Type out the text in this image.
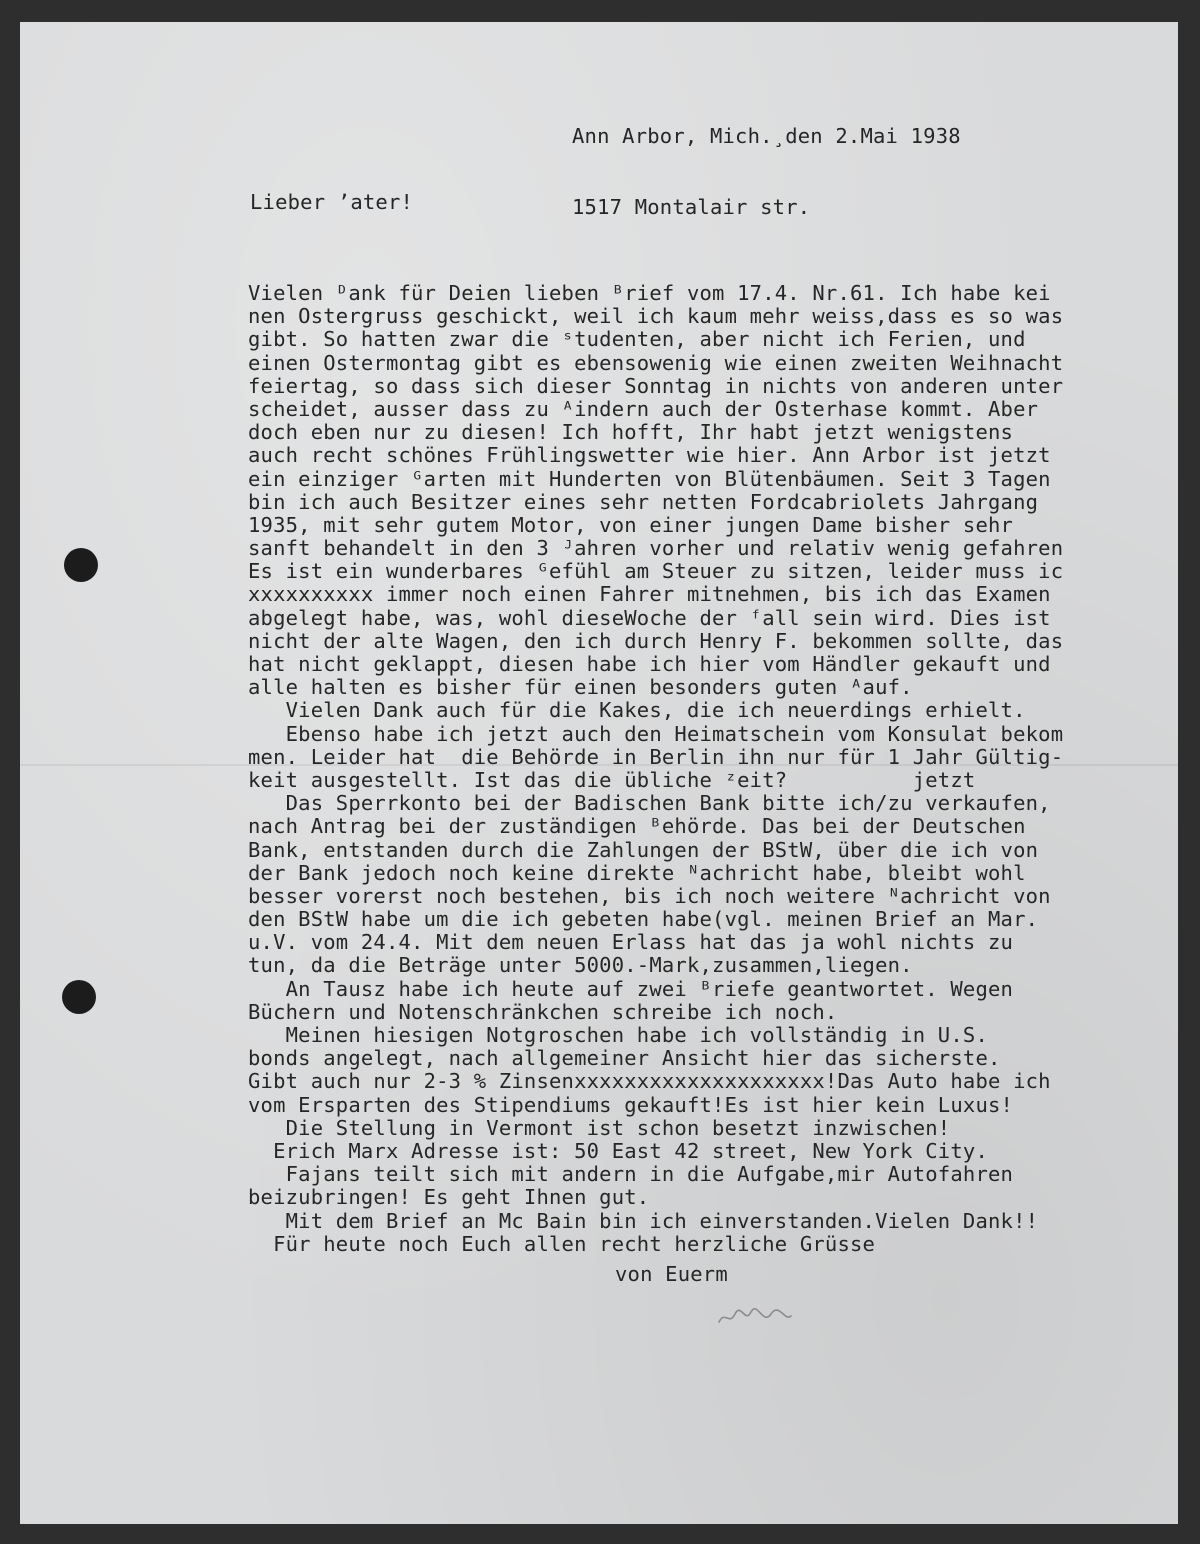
Ann Arbor, Mich.̧ den 2.Mai 1938

1517 Montalair str.

Lieber ʼater!
Vielen ᴰank für Deien lieben ᴮrief vom 17.4. Nr.61. Ich habe kei
nen Ostergruss geschickt, weil ich kaum mehr weiss,dass es so was
gibt. So hatten zwar die ˢtudenten, aber nicht ich Ferien, und
einen Ostermontag gibt es ebensowenig wie einen zweiten Weihnacht
feiertag, so dass sich dieser Sonntag in nichts von anderen unter
scheidet, ausser dass zu ᴬindern auch der Osterhase kommt. Aber
doch eben nur zu diesen! Ich hofft, Ihr habt jetzt wenigstens
auch recht schönes Frühlingswetter wie hier. Ann Arbor ist jetzt
ein einziger ᴳarten mit Hunderten von Blütenbäumen. Seit 3 Tagen
bin ich auch Besitzer eines sehr netten Fordcabriolets Jahrgang
1935, mit sehr gutem Motor, von einer jungen Dame bisher sehr
sanft behandelt in den 3 ᴶahren vorher und relativ wenig gefahren
Es ist ein wunderbares ᴳefühl am Steuer zu sitzen, leider muss ic
xxxxxxxxxx immer noch einen Fahrer mitnehmen, bis ich das Examen
abgelegt habe, was, wohl dieseWoche der ᶠall sein wird. Dies ist
nicht der alte Wagen, den ich durch Henry F. bekommen sollte, das
hat nicht geklappt, diesen habe ich hier vom Händler gekauft und
alle halten es bisher für einen besonders guten ᴬauf.
Vielen Dank auch für die Kakes, die ich neuerdings erhielt.
Ebenso habe ich jetzt auch den Heimatschein vom Konsulat bekom
men. Leider hat  die Behörde in Berlin ihn nur für 1 Jahr Gültig-
keit ausgestellt. Ist das die übliche ᶻeit?          jetzt
Das Sperrkonto bei der Badischen Bank bitte ich/zu verkaufen,
nach Antrag bei der zuständigen ᴮehörde. Das bei der Deutschen
Bank, entstanden durch die Zahlungen der BStW, über die ich von
der Bank jedoch noch keine direkte ᴺachricht habe, bleibt wohl
besser vorerst noch bestehen, bis ich noch weitere ᴺachricht von
den BStW habe um die ich gebeten habe(vgl. meinen Brief an Mar.
u.V. vom 24.4. Mit dem neuen Erlass hat das ja wohl nichts zu
tun, da die Beträge unter 5000.-Mark,zusammen,liegen.
An Tausz habe ich heute auf zwei ᴮriefe geantwortet. Wegen
Büchern und Notenschränkchen schreibe ich noch.
Meinen hiesigen Notgroschen habe ich vollständig in U.S.
bonds angelegt, nach allgemeiner Ansicht hier das sicherste.
Gibt auch nur 2-3 % Zinsenxxxxxxxxxxxxxxxxxxxx!Das Auto habe ich
vom Ersparten des Stipendiums gekauft!Es ist hier kein Luxus!
Die Stellung in Vermont ist schon besetzt inzwischen!
Erich Marx Adresse ist: 50 East 42 street, New York City.
Fajans teilt sich mit andern in die Aufgabe,mir Autofahren
beizubringen! Es geht Ihnen gut.
Mit dem Brief an Mc Bain bin ich einverstanden.Vielen Dank!!
Für heute noch Euch allen recht herzliche Grüsse
von Euerm
